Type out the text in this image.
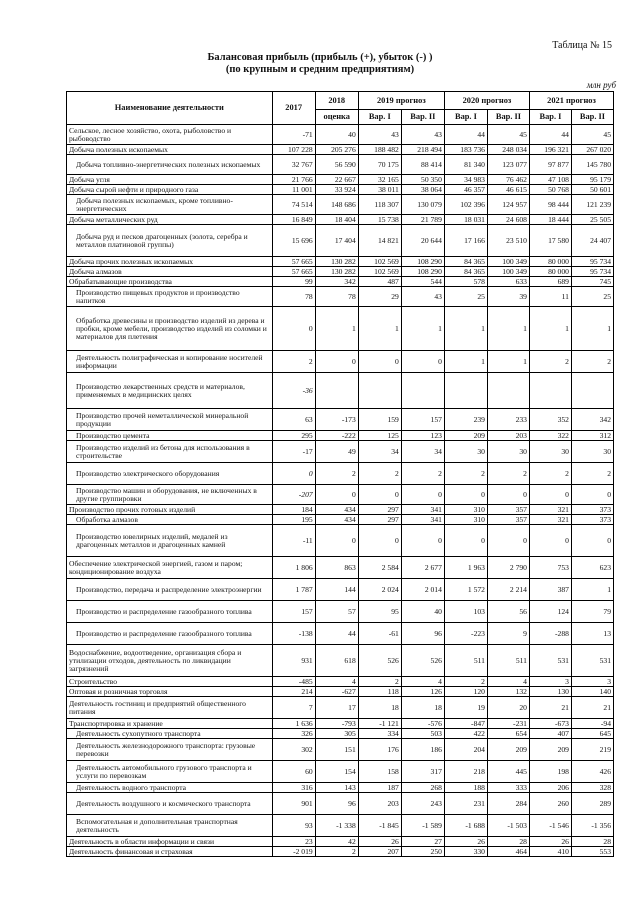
Таблица № 15
Балансовая прибыль (прибыль (+), убыток (-) )
(по крупным и средним предприятиям)
млн руб
Наименование деятельности	2017	2018	2019 прогноз		2020 прогноз		2021 прогноз	
		оценка	Вар. I	Вар. II	Вар. I	Вар. II	Вар. I	Вар. II
Сельское, лесное хозяйство, охота, рыболовство и рыбоводство	-71	40	43	43	44	45	44	45
Добыча полезных ископаемых	107 228	205 276	188 482	218 494	183 736	248 034	196 321	267 020
Добыча топливно-энергетических полезных ископаемых	32 767	56 590	70 175	88 414	81 340	123 077	97 877	145 780
Добыча угля	21 766	22 667	32 165	50 350	34 983	76 462	47 108	95 179
Добыча сырой нефти и природного газа	11 001	33 924	38 011	38 064	46 357	46 615	50 768	50 601
Добыча полезных ископаемых, кроме топливно-энергетических	74 514	148 686	118 307	130 079	102 396	124 957	98 444	121 239
Добыча металлических руд	16 849	18 404	15 738	21 789	18 031	24 608	18 444	25 505
Добыча руд и песков драгоценных (золота, серебра и металлов платиновой группы)	15 696	17 404	14 821	20 644	17 166	23 510	17 580	24 407
Добыча прочих полезных ископаемых	57 665	130 282	102 569	108 290	84 365	100 349	80 000	95 734
Добыча алмазов	57 665	130 282	102 569	108 290	84 365	100 349	80 000	95 734
Обрабатывающие производства	99	342	487	544	578	633	689	745
Производство пищевых продуктов и производство напитков	78	78	29	43	25	39	11	25
Обработка древесины и производство изделий из дерева и пробки, кроме мебели, производство изделий из соломки и материалов для плетения	0	1	1	1	1	1	1	1
Деятельность полиграфическая и копирование носителей информации	2	0	0	0	1	1	2	2
Производство лекарственных средств и материалов, применяемых в медицинских целях	-36							
Производство прочей неметаллической минеральной продукции	63	-173	159	157	239	233	352	342
Производство цемента	295	-222	125	123	209	203	322	312
Производство изделий из бетона для использования в строительстве	-17	49	34	34	30	30	30	30
Производство электрического оборудования	0	2	2	2	2	2	2	2
Производство машин и оборудования, не включенных в другие группировки	-207	0	0	0	0	0	0	0
Производство прочих готовых изделий	184	434	297	341	310	357	321	373
Обработка алмазов	195	434	297	341	310	357	321	373
Производство ювелирных изделий, медалей из драгоценных металлов и драгоценных камней	-11	0	0	0	0	0	0	0
Обеспечение электрической энергией, газом и паром; кондиционирование воздуха	1 806	863	2 584	2 677	1 963	2 790	753	623
Производство, передача и распределение электроэнергии	1 787	144	2 024	2 014	1 572	2 214	387	1
Производство и распределение газообразного топлива	157	57	95	40	103	56	124	79
Производство и распределение газообразного топлива	-138	44	-61	96	-223	9	-288	13
Водоснабжение, водоотведение, организация сбора и утилизации отходов, деятельность по ликвидации загрязнений	931	618	526	526	511	511	531	531
Строительство	-485	4	2	4	2	4	3	3
Оптовая и розничная торговля	214	-627	118	126	120	132	130	140
Деятельность гостиниц и предприятий общественного питания	7	17	18	18	19	20	21	21
Транспортировка и хранение	1 636	-793	-1 121	-576	-847	-231	-673	-94
Деятельность сухопутного транспорта	326	305	334	503	422	654	407	645
Деятельность железнодорожного транспорта: грузовые перевозки	302	151	176	186	204	209	209	219
Деятельность автомобильного грузового транспорта и услуги по перевозкам	60	154	158	317	218	445	198	426
Деятельность водного транспорта	316	143	187	268	188	333	206	328
Деятельность воздушного и космического транспорта	901	96	203	243	231	284	260	289
Вспомогательная и дополнительная транспортная деятельность	93	-1 338	-1 845	-1 589	-1 688	-1 503	-1 546	-1 356
Деятельность в области информации и связи	23	42	26	27	26	28	26	28
Деятельность финансовая и страховая	-2 019	2	207	250	330	464	410	553
